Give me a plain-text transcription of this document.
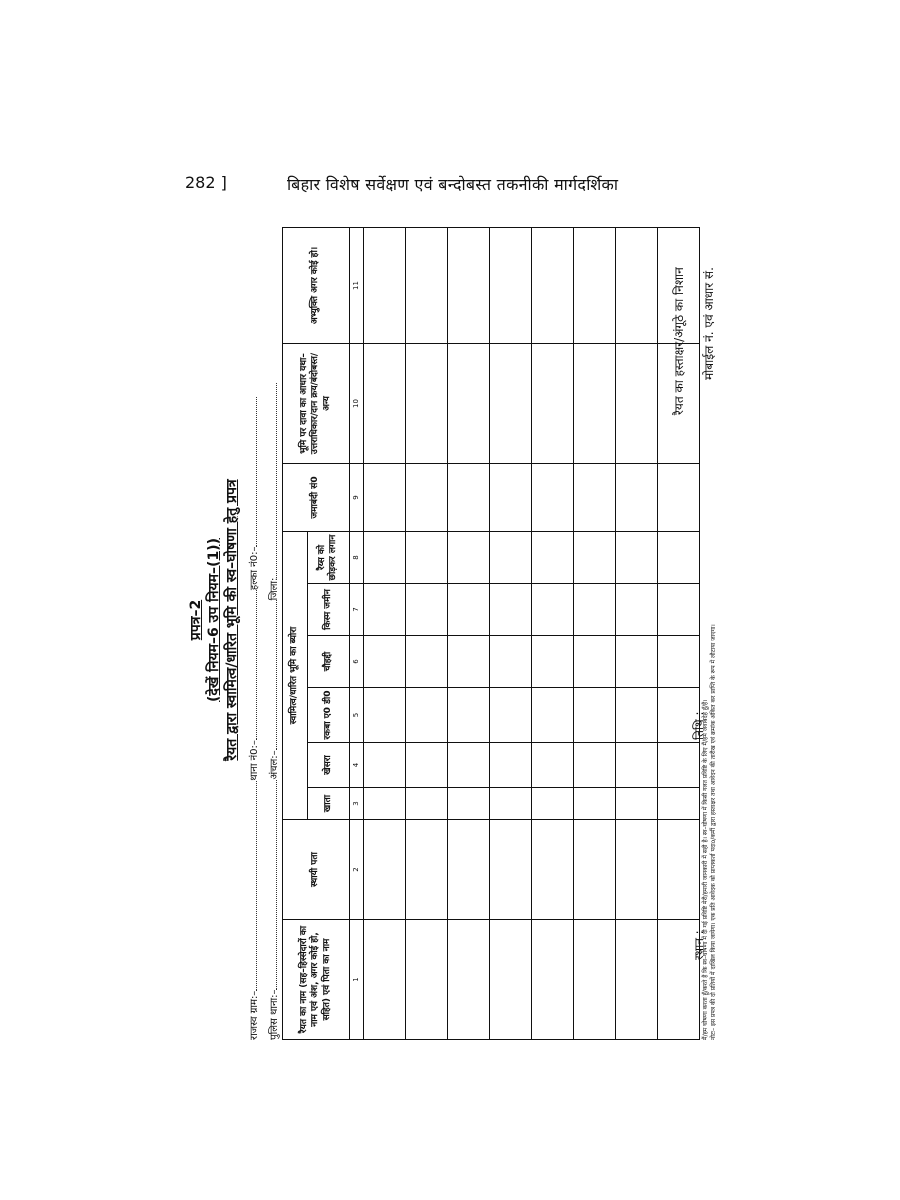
282 ]	बिहार विशेष सर्वेक्षण एवं बन्दोबस्त तकनीकी मार्गदर्शिका
प्रपत्र–2 (देखें नियम–6 उप नियम–(1)) रैयत द्वारा स्वामित्व/धारित भूमि की स्व–घोषणा हेतु प्रपत्र
राजस्व ग्राम:–थाना नं0:–हल्का नं0:–
पुलिस थाना:–अंचल:–जिला:
रैयत का नाम (सह–हिस्सेदारों का नाम एवं अंश, अगर कोई हो, सहित) एवं पिता का नाम	स्थायी पता	स्वामित्व/धारित भूमि का ब्योरा						जमाबंदी सं0	भूमि पर दावा का आधार यथा–उत्तराधिकार/दान क्रय/बंदोबस्त/अन्य	अभ्युक्ति अगर कोई हो।
		खाता	खेसरा	रकबा ए0 डी0	चौहद्दी	किस्म जमीन	रैय्स को छोड़कर लगान			
1	2	3	4	5	6	7	8	9	10	11

मैं/हम घोषणा करता हूँ/करते हैं कि स्व–घोषणा में दी गई प्रविष्टि मेरी/हमारी जानकारी में सही है। स्व–घोषणा में किसी गलत प्रविष्टि के लिए मैं/हम जवाबदेह हूँ/हैं। नोटः– इस प्रपत्र की दो प्रतियों में दाखिल किया जायेगा। एक प्रति आवेदक को प्राप्तकर्ता पदाo/कर्मी द्वारा हस्ताक्षर तथा आवेदन की तारीख एवं क्रमांक अंकित कर प्राप्ति के रूप में लौटाया जाएगा।
स्थान :
तिथि :
रैयत का हस्ताक्षर/अंगूठे का निशान मोबाईल नं. एवं आधार सं.
